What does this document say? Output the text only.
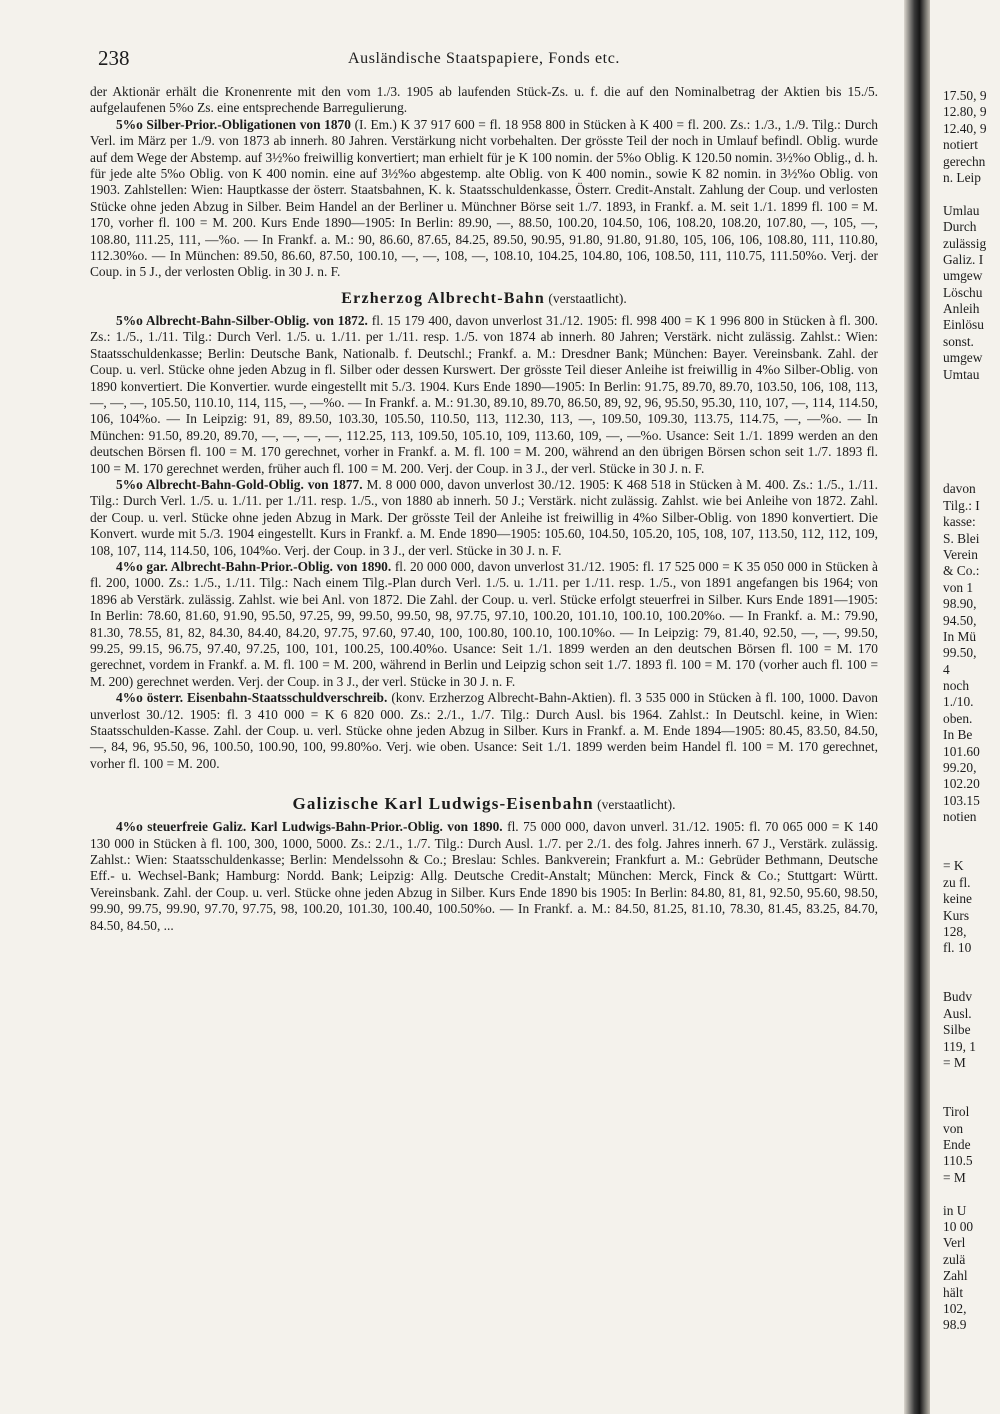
238	Ausländische Staatspapiere, Fonds etc.

der Aktionär erhält die Kronenrente mit den vom 1./3. 1905 ab laufenden Stück-Zs. u. f. die auf den Nominalbetrag der Aktien bis 15./5. aufgelaufenen 5%o Zs. eine entsprechende Barregulierung.

5%o Silber-Prior.-Obligationen von 1870 (I. Em.) K 37 917 600 = fl. 18 958 800 in Stücken à K 400 = fl. 200. Zs.: 1./3., 1./9. Tilg.: Durch Verl. im März per 1./9. von 1873 ab innerh. 80 Jahren. Verstärkung nicht vorbehalten. Der grösste Teil der noch in Umlauf befindl. Oblig. wurde auf dem Wege der Abstemp. auf 3½%o freiwillig konvertiert; man erhielt für je K 100 nomin. der 5%o Oblig. K 120.50 nomin. 3½%o Oblig., d. h. für jede alte 5%o Oblig. von K 400 nomin. eine auf 3½%o abgestemp. alte Oblig. von K 400 nomin., sowie K 82 nomin. in 3½%o Oblig. von 1903. Zahlstellen: Wien: Hauptkasse der österr. Staatsbahnen, K. k. Staatsschuldenkasse, Österr. Credit-Anstalt. Zahlung der Coup. und verlosten Stücke ohne jeden Abzug in Silber. Beim Handel an der Berliner u. Münchner Börse seit 1./7. 1893, in Frankf. a. M. seit 1./1. 1899 fl. 100 = M. 170, vorher fl. 100 = M. 200. Kurs Ende 1890—1905: In Berlin: 89.90, —, 88.50, 100.20, 104.50, 106, 108.20, 108.20, 107.80, —, 105, —, 108.80, 111.25, 111, —%o. — In Frankf. a. M.: 90, 86.60, 87.65, 84.25, 89.50, 90.95, 91.80, 91.80, 91.80, 105, 106, 106, 108.80, 111, 110.80, 112.30%o. — In München: 89.50, 86.60, 87.50, 100.10, —, —, 108, —, 108.10, 104.25, 104.80, 106, 108.50, 111, 110.75, 111.50%o. Verj. der Coup. in 5 J., der verlosten Oblig. in 30 J. n. F.

Erzherzog Albrecht-Bahn (verstaatlicht).

5%o Albrecht-Bahn-Silber-Oblig. von 1872. fl. 15 179 400, davon unverlost 31./12. 1905: fl. 998 400 = K 1 996 800 in Stücken à fl. 300. Zs.: 1./5., 1./11. Tilg.: Durch Verl. 1./5. u. 1./11. per 1./11. resp. 1./5. von 1874 ab innerh. 80 Jahren; Verstärk. nicht zulässig. Zahlst.: Wien: Staatsschuldenkasse; Berlin: Deutsche Bank, Nationalb. f. Deutschl.; Frankf. a. M.: Dresdner Bank; München: Bayer. Vereinsbank. Zahl. der Coup. u. verl. Stücke ohne jeden Abzug in fl. Silber oder dessen Kurswert. Der grösste Teil dieser Anleihe ist freiwillig in 4%o Silber-Oblig. von 1890 konvertiert. Die Konvertier. wurde eingestellt mit 5./3. 1904. Kurs Ende 1890—1905: In Berlin: 91.75, 89.70, 89.70, 103.50, 106, 108, 113, —, —, —, 105.50, 110.10, 114, 115, —, —%o. — In Frankf. a. M.: 91.30, 89.10, 89.70, 86.50, 89, 92, 96, 95.50, 95.30, 110, 107, —, 114, 114.50, 106, 104%o. — In Leipzig: 91, 89, 89.50, 103.30, 105.50, 110.50, 113, 112.30, 113, —, 109.50, 109.30, 113.75, 114.75, —, —%o. — In München: 91.50, 89.20, 89.70, —, —, —, —, 112.25, 113, 109.50, 105.10, 109, 113.60, 109, —, —%o. Usance: Seit 1./1. 1899 werden an den deutschen Börsen fl. 100 = M. 170 gerechnet, vorher in Frankf. a. M. fl. 100 = M. 200, während an den übrigen Börsen schon seit 1./7. 1893 fl. 100 = M. 170 gerechnet werden, früher auch fl. 100 = M. 200. Verj. der Coup. in 3 J., der verl. Stücke in 30 J. n. F.

5%o Albrecht-Bahn-Gold-Oblig. von 1877. M. 8 000 000, davon unverlost 30./12. 1905: K 468 518 in Stücken à M. 400. Zs.: 1./5., 1./11. Tilg.: Durch Verl. 1./5. u. 1./11. per 1./11. resp. 1./5., von 1880 ab innerh. 50 J.; Verstärk. nicht zulässig. Zahlst. wie bei Anleihe von 1872. Zahl. der Coup. u. verl. Stücke ohne jeden Abzug in Mark. Der grösste Teil der Anleihe ist freiwillig in 4%o Silber-Oblig. von 1890 konvertiert. Die Konvert. wurde mit 5./3. 1904 eingestellt. Kurs in Frankf. a. M. Ende 1890—1905: 105.60, 104.50, 105.20, 105, 108, 107, 113.50, 112, 112, 109, 108, 107, 114, 114.50, 106, 104%o. Verj. der Coup. in 3 J., der verl. Stücke in 30 J. n. F.

4%o gar. Albrecht-Bahn-Prior.-Oblig. von 1890. fl. 20 000 000, davon unverlost 31./12. 1905: fl. 17 525 000 = K 35 050 000 in Stücken à fl. 200, 1000. Zs.: 1./5., 1./11. Tilg.: Nach einem Tilg.-Plan durch Verl. 1./5. u. 1./11. per 1./11. resp. 1./5., von 1891 angefangen bis 1964; von 1896 ab Verstärk. zulässig. Zahlst. wie bei Anl. von 1872. Die Zahl. der Coup. u. verl. Stücke erfolgt steuerfrei in Silber. Kurs Ende 1891—1905: In Berlin: 78.60, 81.60, 91.90, 95.50, 97.25, 99, 99.50, 99.50, 98, 97.75, 97.10, 100.20, 101.10, 100.10, 100.20%o. — In Frankf. a. M.: 79.90, 81.30, 78.55, 81, 82, 84.30, 84.40, 84.20, 97.75, 97.60, 97.40, 100, 100.80, 100.10, 100.10%o. — In Leipzig: 79, 81.40, 92.50, —, —, 99.50, 99.25, 99.15, 96.75, 97.40, 97.25, 100, 101, 100.25, 100.40%o. Usance: Seit 1./1. 1899 werden an den deutschen Börsen fl. 100 = M. 170 gerechnet, vordem in Frankf. a. M. fl. 100 = M. 200, während in Berlin und Leipzig schon seit 1./7. 1893 fl. 100 = M. 170 (vorher auch fl. 100 = M. 200) gerechnet werden. Verj. der Coup. in 3 J., der verl. Stücke in 30 J. n. F.

4%o österr. Eisenbahn-Staatsschuldverschreib. (konv. Erzherzog Albrecht-Bahn-Aktien). fl. 3 535 000 in Stücken à fl. 100, 1000. Davon unverlost 30./12. 1905: fl. 3 410 000 = K 6 820 000. Zs.: 2./1., 1./7. Tilg.: Durch Ausl. bis 1964. Zahlst.: In Deutschl. keine, in Wien: Staatsschulden-Kasse. Zahl. der Coup. u. verl. Stücke ohne jeden Abzug in Silber. Kurs in Frankf. a. M. Ende 1894—1905: 80.45, 83.50, 84.50, —, 84, 96, 95.50, 96, 100.50, 100.90, 100, 99.80%o. Verj. wie oben. Usance: Seit 1./1. 1899 werden beim Handel fl. 100 = M. 170 gerechnet, vorher fl. 100 = M. 200.

Galizische Karl Ludwigs-Eisenbahn (verstaatlicht).

4%o steuerfreie Galiz. Karl Ludwigs-Bahn-Prior.-Oblig. von 1890. fl. 75 000 000, davon unverl. 31./12. 1905: fl. 70 065 000 = K 140 130 000 in Stücken à fl. 100, 300, 1000, 5000. Zs.: 2./1., 1./7. Tilg.: Durch Ausl. 1./7. per 2./1. des folg. Jahres innerh. 67 J., Verstärk. zulässig. Zahlst.: Wien: Staatsschuldenkasse; Berlin: Mendelssohn & Co.; Breslau: Schles. Bankverein; Frankfurt a. M.: Gebrüder Bethmann, Deutsche Eff.- u. Wechsel-Bank; Hamburg: Nordd. Bank; Leipzig: Allg. Deutsche Credit-Anstalt; München: Merck, Finck & Co.; Stuttgart: Württ. Vereinsbank. Zahl. der Coup. u. verl. Stücke ohne jeden Abzug in Silber. Kurs Ende 1890 bis 1905: In Berlin: 84.80, 81, 81, 92.50, 95.60, 98.50, 99.90, 99.75, 99.90, 97.70, 97.75, 98, 100.20, 101.30, 100.40, 100.50%o. — In Frankf. a. M.: 84.50, 81.25, 81.10, 78.30, 81.45, 83.25, 84.70, 84.50, 84.50, ...

17.50, 9
12.80, 9
12.40, 9
notiert
gerechn
n. Leip
Umlau
Durch
zulässig
Galiz. I
umgew
Löschu
Anleih
Einlösu
sonst.
umgew
Umtau
davon
Tilg.: I
kasse:
S. Blei
Verein
& Co.:
von 1
98.90,
94.50,
In Mü
99.50,
4
noch
1./10.
oben.
In Be
101.60
99.20,
102.20
103.15
notien
= K
zu fl.
keine
Kurs
128,
fl. 10
Budv
Ausl.
Silbe
119, 1
= M
Tirol
von
Ende
110.5
= M
in U
10 00
Verl
zulä
Zahl
hält
102,
98.9
